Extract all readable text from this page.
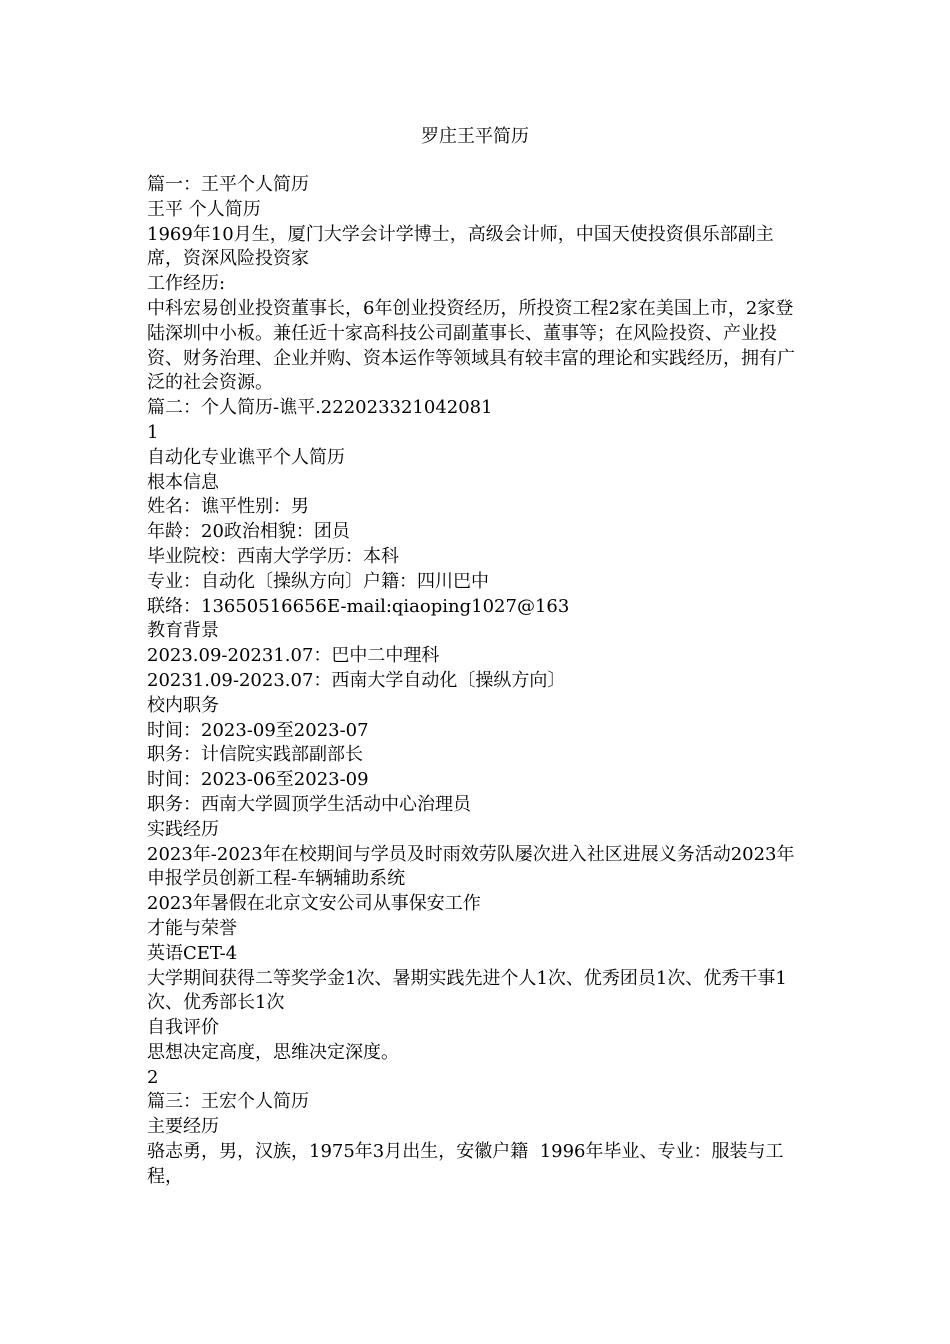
罗庄王平简历

篇一：王平个人简历

王平 个人简历

1969年10月生，厦门大学会计学博士，高级会计师，中国天使投资俱乐部副主席，资深风险投资家

工作经历:

中科宏易创业投资董事长，6年创业投资经历，所投资工程2家在美国上市，2家登陆深圳中小板。兼任近十家高科技公司副董事长、董事等；在风险投资、产业投资、财务治理、企业并购、资本运作等领域具有较丰富的理论和实践经历，拥有广泛的社会资源。

篇二：个人简历-谯平.222023321042081

1

自动化专业谯平个人简历

根本信息

姓名：谯平性别：男

年龄：20政治相貌：团员

毕业院校：西南大学学历：本科

专业：自动化〔操纵方向〕户籍：四川巴中

联络：13650516656E-mail:qiaoping1027@163

教育背景

2023.09-20231.07：巴中二中理科

20231.09-2023.07：西南大学自动化〔操纵方向〕

校内职务

时间：2023-09至2023-07

职务：计信院实践部副部长

时间：2023-06至2023-09

职务：西南大学圆顶学生活动中心治理员

实践经历

2023年-2023年在校期间与学员及时雨效劳队屡次进入社区进展义务活动2023年申报学员创新工程-车辆辅助系统

2023年暑假在北京文安公司从事保安工作

才能与荣誉

英语CET-4

大学期间获得二等奖学金1次、暑期实践先进个人1次、优秀团员1次、优秀干事1次、优秀部长1次

自我评价

思想决定高度，思维决定深度。

2

篇三：王宏个人简历

主要经历

骆志勇，男，汉族，1975年3月出生，安徽户籍  1996年毕业、专业：服装与工程，
